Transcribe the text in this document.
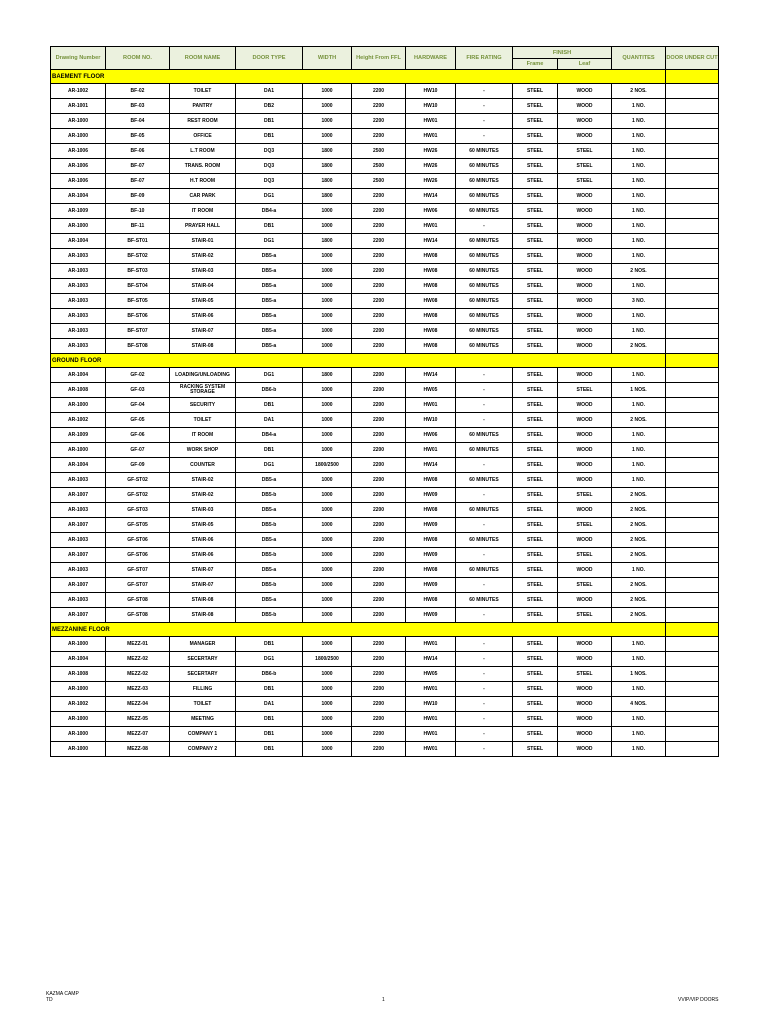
Drawing Number	ROOM NO.	ROOM NAME	DOOR TYPE	WIDTH	Height From FFL	HARDWARE	FIRE RATING	FINISH		QUANTITES	DOOR UNDER CUT
								Frame	Leaf		
BAEMENT FLOOR											
AR-1002	BF-02	TOILET	DA1	1000	2200	HW10	-	STEEL	WOOD	2 NOS.	
AR-1001	BF-03	PANTRY	DB2	1000	2200	HW10	-	STEEL	WOOD	1 NO.	
AR-1000	BF-04	REST ROOM	DB1	1000	2200	HW01	-	STEEL	WOOD	1 NO.	
AR-1000	BF-05	OFFICE	DB1	1000	2200	HW01	-	STEEL	WOOD	1 NO.	
AR-1006	BF-06	L.T ROOM	DQ3	1800	2500	HW26	60 MINUTES	STEEL	STEEL	1 NO.	
AR-1006	BF-07	TRANS. ROOM	DQ3	1800	2500	HW26	60 MINUTES	STEEL	STEEL	1 NO.	
AR-1006	BF-07	H.T ROOM	DQ3	1800	2500	HW26	60 MINUTES	STEEL	STEEL	1 NO.	
AR-1004	BF-09	CAR PARK	DG1	1800	2200	HW14	60 MINUTES	STEEL	WOOD	1 NO.	
AR-1009	BF-10	IT ROOM	DB4-a	1000	2200	HW06	60 MINUTES	STEEL	WOOD	1 NO.	
AR-1000	BF-11	PRAYER HALL	DB1	1000	2200	HW01	-	STEEL	WOOD	1 NO.	
AR-1004	BF-ST01	STAIR-01	DG1	1800	2200	HW14	60 MINUTES	STEEL	WOOD	1 NO.	
AR-1003	BF-ST02	STAIR-02	DB5-a	1000	2200	HW08	60 MINUTES	STEEL	WOOD	1 NO.	
AR-1003	BF-ST03	STAIR-03	DB5-a	1000	2200	HW08	60 MINUTES	STEEL	WOOD	2 NOS.	
AR-1003	BF-ST04	STAIR-04	DB5-a	1000	2200	HW08	60 MINUTES	STEEL	WOOD	1 NO.	
AR-1003	BF-ST05	STAIR-05	DB5-a	1000	2200	HW08	60 MINUTES	STEEL	WOOD	3 NO.	
AR-1003	BF-ST06	STAIR-06	DB5-a	1000	2200	HW08	60 MINUTES	STEEL	WOOD	1 NO.	
AR-1003	BF-ST07	STAIR-07	DB5-a	1000	2200	HW08	60 MINUTES	STEEL	WOOD	1 NO.	
AR-1003	BF-ST08	STAIR-08	DB5-a	1000	2200	HW08	60 MINUTES	STEEL	WOOD	2 NOS.	
GROUND FLOOR											
AR-1004	GF-02	LOADING/UNLOADING	DG1	1800	2200	HW14	-	STEEL	WOOD	1 NO.	
AR-1008	GF-03	RACKING SYSTEM STORAGE	DB6-b	1000	2200	HW05	-	STEEL	STEEL	1 NOS.	
AR-1000	GF-04	SECURITY	DB1	1000	2200	HW01	-	STEEL	WOOD	1 NO.	
AR-1002	GF-05	TOILET	DA1	1000	2200	HW10	-	STEEL	WOOD	2 NOS.	
AR-1009	GF-06	IT ROOM	DB4-a	1000	2200	HW06	60 MINUTES	STEEL	WOOD	1 NO.	
AR-1000	GF-07	WORK SHOP	DB1	1000	2200	HW01	60 MINUTES	STEEL	WOOD	1 NO.	
AR-1004	GF-09	COUNTER	DG1	1800/2500	2200	HW14	-	STEEL	WOOD	1 NO.	
AR-1003	GF-ST02	STAIR-02	DB5-a	1000	2200	HW08	60 MINUTES	STEEL	WOOD	1 NO.	
AR-1007	GF-ST02	STAIR-02	DB5-b	1000	2200	HW09	-	STEEL	STEEL	2 NOS.	
AR-1003	GF-ST03	STAIR-03	DB5-a	1000	2200	HW08	60 MINUTES	STEEL	WOOD	2 NOS.	
AR-1007	GF-ST05	STAIR-05	DB5-b	1000	2200	HW09	-	STEEL	STEEL	2 NOS.	
AR-1003	GF-ST06	STAIR-06	DB5-a	1000	2200	HW08	60 MINUTES	STEEL	WOOD	2 NOS.	
AR-1007	GF-ST06	STAIR-06	DB5-b	1000	2200	HW09	-	STEEL	STEEL	2 NOS.	
AR-1003	GF-ST07	STAIR-07	DB5-a	1000	2200	HW08	60 MINUTES	STEEL	WOOD	1 NO.	
AR-1007	GF-ST07	STAIR-07	DB5-b	1000	2200	HW09	-	STEEL	STEEL	2 NOS.	
AR-1003	GF-ST08	STAIR-08	DB5-a	1000	2200	HW08	60 MINUTES	STEEL	WOOD	2 NOS.	
AR-1007	GF-ST08	STAIR-08	DB5-b	1000	2200	HW09	-	STEEL	STEEL	2 NOS.	
MEZZANINE FLOOR											
AR-1000	MEZZ-01	MANAGER	DB1	1000	2200	HW01	-	STEEL	WOOD	1 NO.	
AR-1004	MEZZ-02	SECERTARY	DG1	1800/2500	2200	HW14	-	STEEL	WOOD	1 NO.	
AR-1008	MEZZ-02	SECERTARY	DB6-b	1000	2200	HW05	-	STEEL	STEEL	1 NOS.	
AR-1000	MEZZ-03	FILLING	DB1	1000	2200	HW01	-	STEEL	WOOD	1 NO.	
AR-1002	MEZZ-04	TOILET	DA1	1000	2200	HW10	-	STEEL	WOOD	4 NOS.	
AR-1000	MEZZ-05	MEETING	DB1	1000	2200	HW01	-	STEEL	WOOD	1 NO.	
AR-1000	MEZZ-07	COMPANY 1	DB1	1000	2200	HW01	-	STEEL	WOOD	1 NO.	
AR-1000	MEZZ-08	COMPANY 2	DB1	1000	2200	HW01	-	STEEL	WOOD	1 NO.	
KAZMA CAMP
TD	1	VVIP/VIP DOORS
